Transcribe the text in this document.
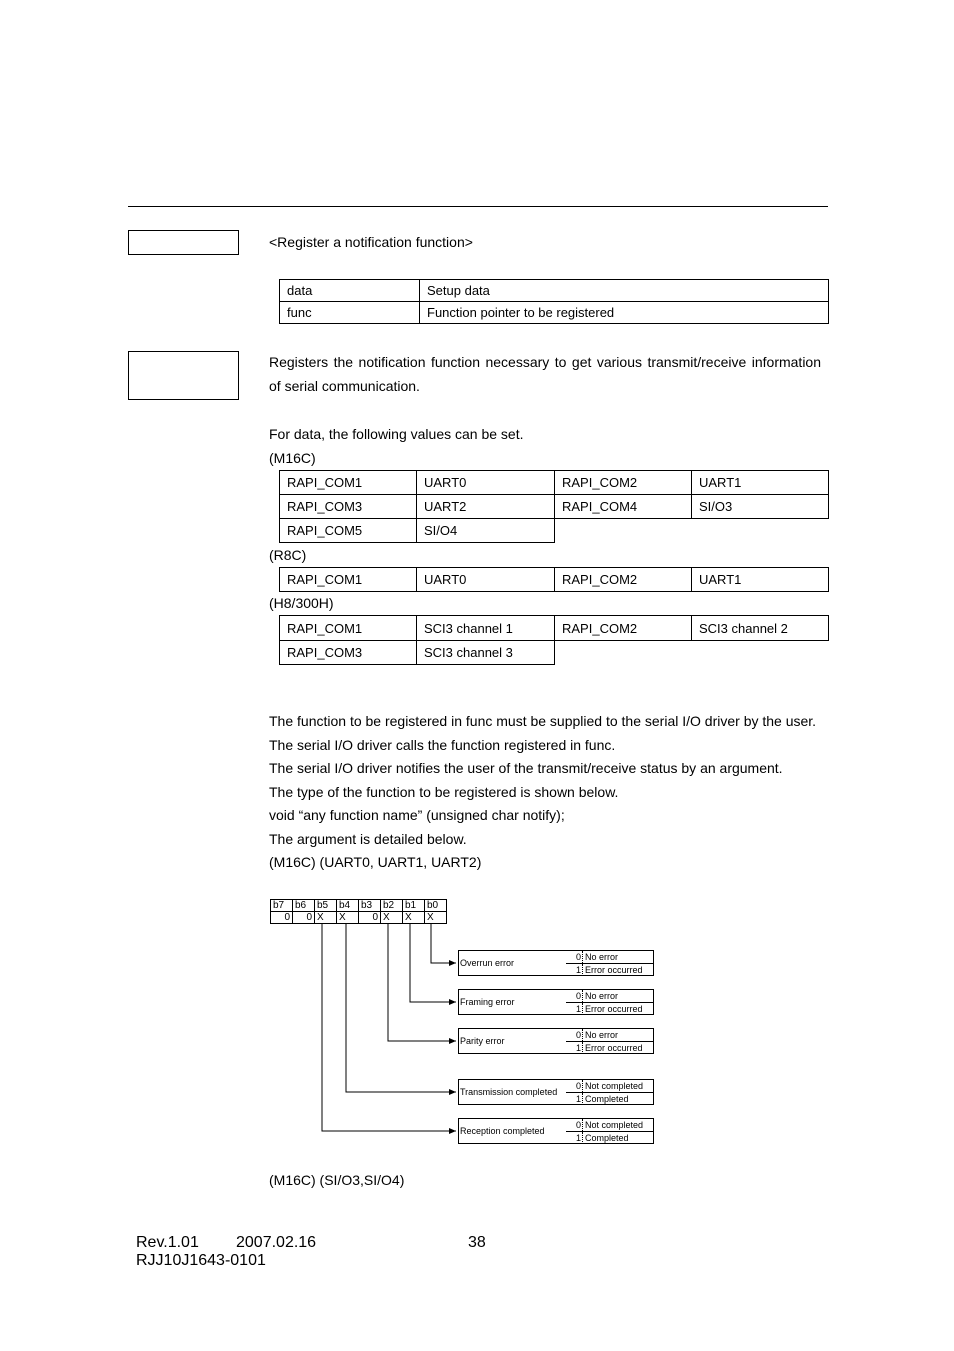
<Register a notification function>
data	Setup data
func	Function pointer to be registered
Registers the notification function necessary to get various transmit/receive information of serial communication.
For data, the following values can be set.
(M16C)
RAPI_COM1	UART0	RAPI_COM2	UART1
RAPI_COM3	UART2	RAPI_COM4	SI/O3
RAPI_COM5	SI/O4		
(R8C)
RAPI_COM1	UART0	RAPI_COM2	UART1
(H8/300H)
RAPI_COM1	SCI3 channel 1	RAPI_COM2	SCI3 channel 2
RAPI_COM3	SCI3 channel 3		

The function to be registered in func must be supplied to the serial I/O driver by the user.

The serial I/O driver calls the function registered in func.

The serial I/O driver notifies the user of the transmit/receive status by an argument.

The type of the function to be registered is shown below.

void “any function name” (unsigned char notify);

The argument is detailed below.

(M16C) (UART0, UART1, UART2)

b7	b6	b5	b4	b3	b2	b1	b0
0	0	X	X	0	X	X	X
Overrun error
0 No error
1 Error occurred
Framing error
0 No error
1 Error occurred
Parity error
0 No error
1 Error occurred
Transmission completed
0 Not completed
1 Completed
Reception completed
0 Not completed
1 Completed
(M16C) (SI/O3,SI/O4)
Rev.1.01 2007.02.16	38
RJJ10J1643-0101
